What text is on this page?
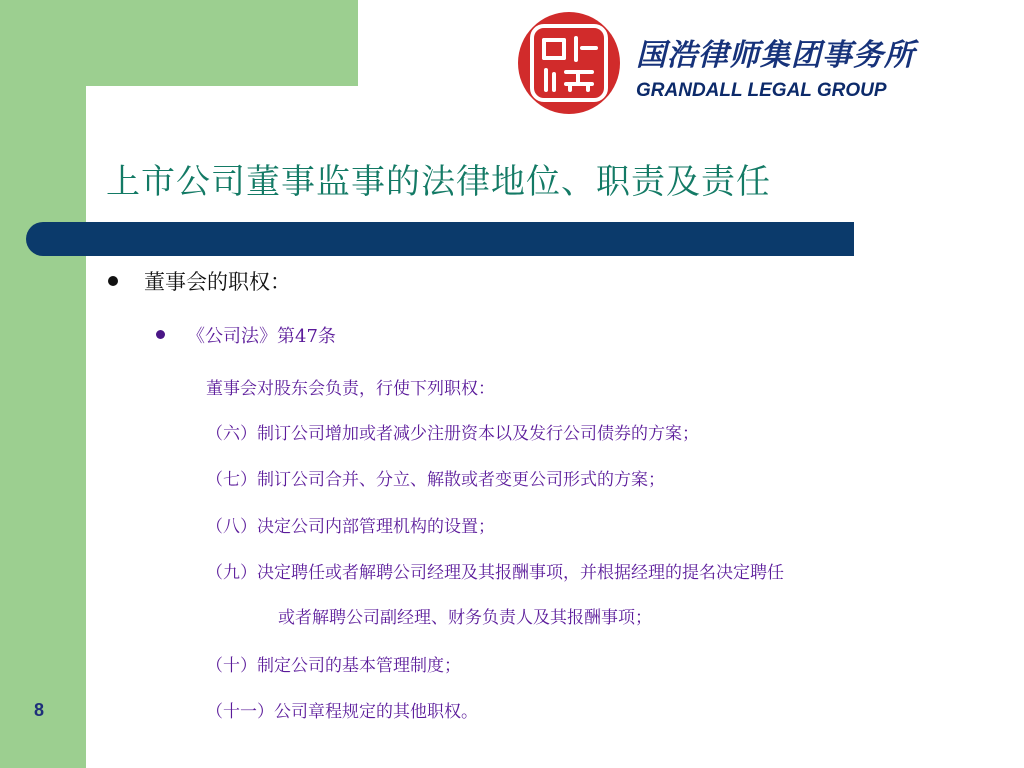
国浩律师集团事务所
GRANDALL LEGAL GROUP
上市公司董事监事的法律地位、职责及责任
董事会的职权：
《公司法》第47条
董事会对股东会负责，行使下列职权：
（六）制订公司增加或者减少注册资本以及发行公司债券的方案；
（七）制订公司合并、分立、解散或者变更公司形式的方案；
（八）决定公司内部管理机构的设置；
（九）决定聘任或者解聘公司经理及其报酬事项，并根据经理的提名决定聘任
或者解聘公司副经理、财务负责人及其报酬事项；
（十）制定公司的基本管理制度；
（十一）公司章程规定的其他职权。
8
